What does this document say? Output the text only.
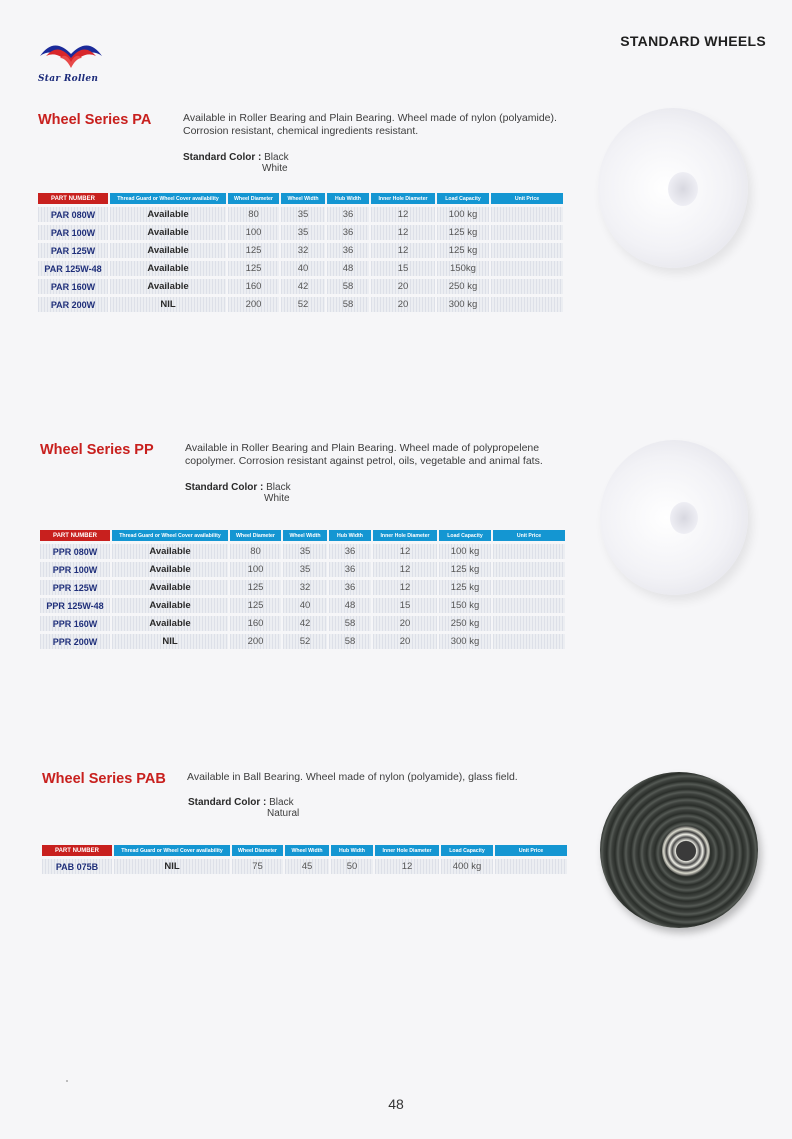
Star Rollen
STANDARD WHEELS
Wheel Series PA	Available in Roller Bearing and Plain Bearing. Wheel made of nylon (polyamide).
Corrosion resistant, chemical ingredients resistant.
Standard Color : Black
White
PART NUMBER	Thread Guard or Wheel Cover availability	Wheel Diameter	Wheel Width	Hub Width	Inner Hole Diameter	Load Capacity	Unit Price
PAR 080W	Available	80	35	36	12	100 kg	
PAR 100W	Available	100	35	36	12	125 kg	
PAR 125W	Available	125	32	36	12	125 kg	
PAR 125W-48	Available	125	40	48	15	150kg	
PAR 160W	Available	160	42	58	20	250 kg	
PAR 200W	NIL	200	52	58	20	300 kg	
Wheel Series PP	Available in Roller Bearing and Plain Bearing. Wheel made of polypropelene
copolymer. Corrosion resistant against petrol, oils, vegetable and animal fats.
Standard Color : Black
White
PART NUMBER	Thread Guard or Wheel Cover availability	Wheel Diameter	Wheel Width	Hub Width	Inner Hole Diameter	Load Capacity	Unit Price
PPR 080W	Available	80	35	36	12	100 kg	
PPR 100W	Available	100	35	36	12	125 kg	
PPR 125W	Available	125	32	36	12	125 kg	
PPR 125W-48	Available	125	40	48	15	150 kg	
PPR 160W	Available	160	42	58	20	250 kg	
PPR 200W	NIL	200	52	58	20	300 kg	
Wheel Series PAB Available in Ball Bearing. Wheel made of nylon (polyamide), glass field.
Standard Color : Black
Natural
PART NUMBER	Thread Guard or Wheel Cover availability	Wheel Diameter	Wheel Width	Hub Width	Inner Hole Diameter	Load Capacity	Unit Price
PAB 075B	NIL	75	45	50	12	400 kg	
48
